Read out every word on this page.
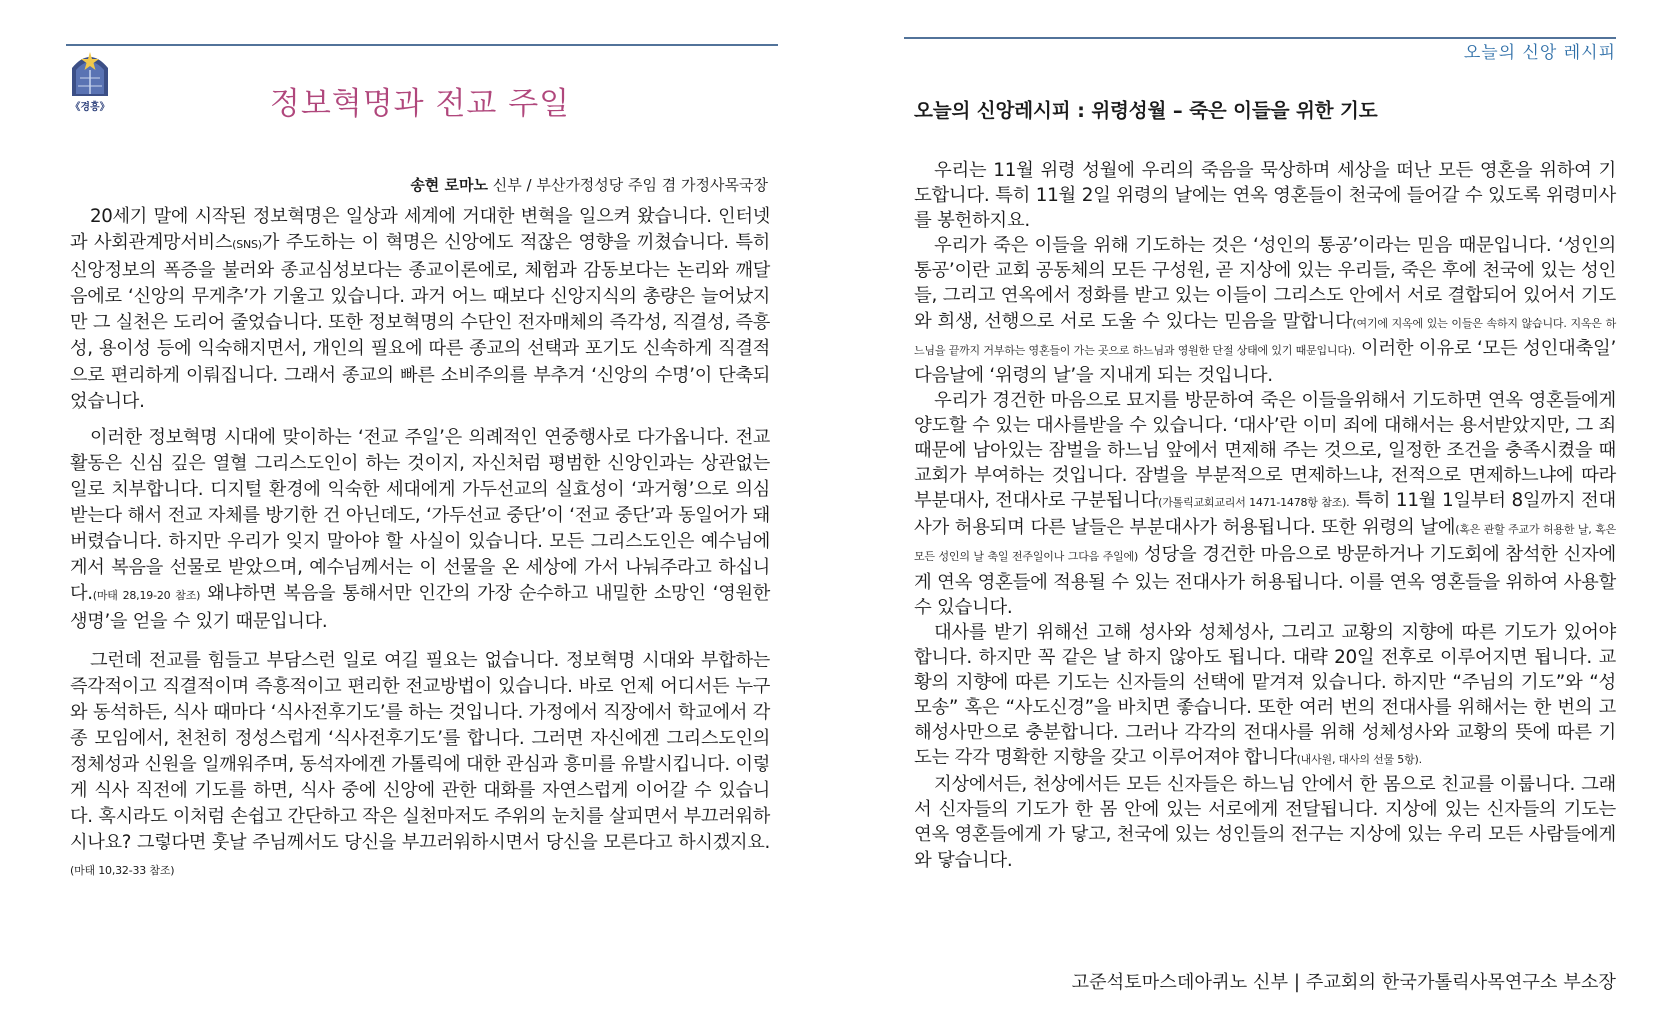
《경흥》	정보혁명과 전교 주일

송현 로마노 신부 / 부산가정성당 주임 겸 가정사목국장

20세기 말에 시작된 정보혁명은 일상과 세계에 거대한 변혁을 일으켜 왔습니다. 인터넷과 사회관계망서비스(SNS)가 주도하는 이 혁명은 신앙에도 적잖은 영향을 끼쳤습니다. 특히 신앙정보의 폭증을 불러와 종교심성보다는 종교이론에로, 체험과 감동보다는 논리와 깨달음에로 ‘신앙의 무게추’가 기울고 있습니다. 과거 어느 때보다 신앙지식의 총량은 늘어났지만 그 실천은 도리어 줄었습니다. 또한 정보혁명의 수단인 전자매체의 즉각성, 직결성, 즉흥성, 용이성 등에 익숙해지면서, 개인의 필요에 따른 종교의 선택과 포기도 신속하게 직결적으로 편리하게 이뤄집니다. 그래서 종교의 빠른 소비주의를 부추겨 ‘신앙의 수명’이 단축되었습니다.

이러한 정보혁명 시대에 맞이하는 ‘전교 주일’은 의례적인 연중행사로 다가옵니다. 전교 활동은 신심 깊은 열혈 그리스도인이 하는 것이지, 자신처럼 평범한 신앙인과는 상관없는 일로 치부합니다. 디지털 환경에 익숙한 세대에게 가두선교의 실효성이 ‘과거형’으로 의심받는다 해서 전교 자체를 방기한 건 아닌데도, ‘가두선교 중단’이 ‘전교 중단’과 동일어가 돼버렸습니다. 하지만 우리가 잊지 말아야 할 사실이 있습니다. 모든 그리스도인은 예수님에게서 복음을 선물로 받았으며, 예수님께서는 이 선물을 온 세상에 가서 나눠주라고 하십니다.(마태 28,19-20 참조) 왜냐하면 복음을 통해서만 인간의 가장 순수하고 내밀한 소망인 ‘영원한 생명’을 얻을 수 있기 때문입니다.

그런데 전교를 힘들고 부담스런 일로 여길 필요는 없습니다. 정보혁명 시대와 부합하는 즉각적이고 직결적이며 즉흥적이고 편리한 전교방법이 있습니다. 바로 언제 어디서든 누구와 동석하든, 식사 때마다 ‘식사전후기도’를 하는 것입니다. 가정에서 직장에서 학교에서 각종 모임에서, 천천히 정성스럽게 ‘식사전후기도’를 합니다. 그러면 자신에겐 그리스도인의 정체성과 신원을 일깨워주며, 동석자에겐 가톨릭에 대한 관심과 흥미를 유발시킵니다. 이렇게 식사 직전에 기도를 하면, 식사 중에 신앙에 관한 대화를 자연스럽게 이어갈 수 있습니다. 혹시라도 이처럼 손쉽고 간단하고 작은 실천마저도 주위의 눈치를 살피면서 부끄러워하시나요? 그렇다면 훗날 주님께서도 당신을 부끄러워하시면서 당신을 모른다고 하시겠지요.(마태 10,32-33 참조)

오늘의 신앙 레시피
오늘의 신앙레시피 : 위령성월 – 죽은 이들을 위한 기도

우리는 11월 위령 성월에 우리의 죽음을 묵상하며 세상을 떠난 모든 영혼을 위하여 기도합니다. 특히 11월 2일 위령의 날에는 연옥 영혼들이 천국에 들어갈 수 있도록 위령미사를 봉헌하지요.

우리가 죽은 이들을 위해 기도하는 것은 ‘성인의 통공’이라는 믿음 때문입니다. ‘성인의 통공’이란 교회 공동체의 모든 구성원, 곧 지상에 있는 우리들, 죽은 후에 천국에 있는 성인들, 그리고 연옥에서 정화를 받고 있는 이들이 그리스도 안에서 서로 결합되어 있어서 기도와 희생, 선행으로 서로 도울 수 있다는 믿음을 말합니다(여기에 지옥에 있는 이들은 속하지 않습니다. 지옥은 하느님을 끝까지 거부하는 영혼들이 가는 곳으로 하느님과 영원한 단절 상태에 있기 때문입니다). 이러한 이유로 ‘모든 성인대축일’ 다음날에 ‘위령의 날’을 지내게 되는 것입니다.

우리가 경건한 마음으로 묘지를 방문하여 죽은 이들을위해서 기도하면 연옥 영혼들에게 양도할 수 있는 대사를받을 수 있습니다. ‘대사’란 이미 죄에 대해서는 용서받았지만, 그 죄 때문에 남아있는 잠벌을 하느님 앞에서 면제해 주는 것으로, 일정한 조건을 충족시켰을 때 교회가 부여하는 것입니다. 잠벌을 부분적으로 면제하느냐, 전적으로 면제하느냐에 따라 부분대사, 전대사로 구분됩니다(가톨릭교회교리서 1471-1478항 참조). 특히 11월 1일부터 8일까지 전대사가 허용되며 다른 날들은 부분대사가 허용됩니다. 또한 위령의 날에(혹은 관할 주교가 허용한 날, 혹은 모든 성인의 날 축일 전주일이나 그다음 주일에) 성당을 경건한 마음으로 방문하거나 기도회에 참석한 신자에게 연옥 영혼들에 적용될 수 있는 전대사가 허용됩니다. 이를 연옥 영혼들을 위하여 사용할 수 있습니다.

대사를 받기 위해선 고해 성사와 성체성사, 그리고 교황의 지향에 따른 기도가 있어야 합니다. 하지만 꼭 같은 날 하지 않아도 됩니다. 대략 20일 전후로 이루어지면 됩니다. 교황의 지향에 따른 기도는 신자들의 선택에 맡겨져 있습니다. 하지만 “주님의 기도”와 “성모송” 혹은 “사도신경”을 바치면 좋습니다. 또한 여러 번의 전대사를 위해서는 한 번의 고해성사만으로 충분합니다. 그러나 각각의 전대사를 위해 성체성사와 교황의 뜻에 따른 기도는 각각 명확한 지향을 갖고 이루어져야 합니다(내사원, 대사의 선물 5항).

지상에서든, 천상에서든 모든 신자들은 하느님 안에서 한 몸으로 친교를 이룹니다. 그래서 신자들의 기도가 한 몸 안에 있는 서로에게 전달됩니다. 지상에 있는 신자들의 기도는 연옥 영혼들에게 가 닿고, 천국에 있는 성인들의 전구는 지상에 있는 우리 모든 사람들에게 와 닿습니다.

고준석토마스데아퀴노 신부 | 주교회의 한국가톨릭사목연구소 부소장
